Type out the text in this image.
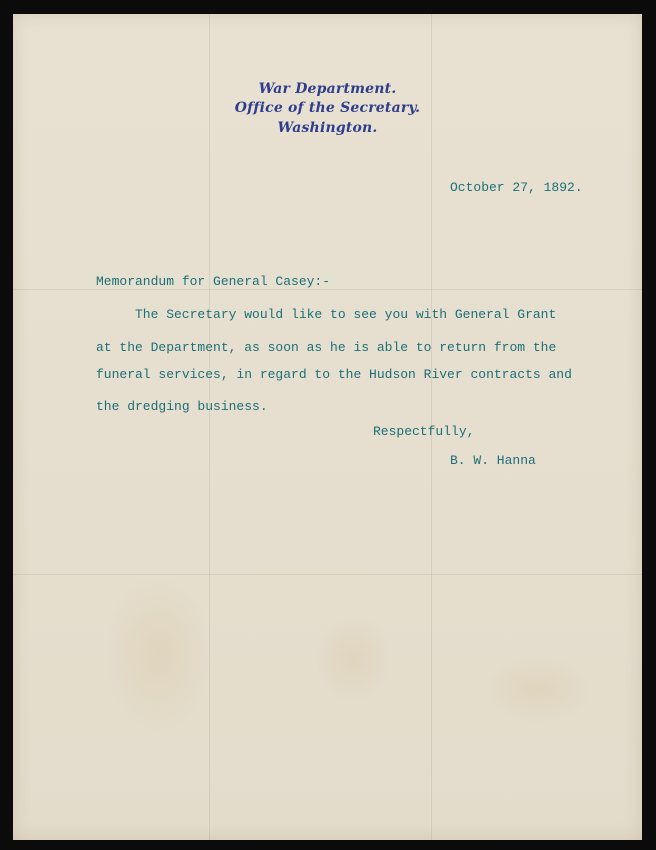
War Department.
Office of the Secretary.
Washington.
October 27, 1892.
Memorandum for General Casey:-
The Secretary would like to see you with General Grant
at the Department, as soon as he is able to return from the
funeral services, in regard to the Hudson River contracts and
the dredging business.
Respectfully,
B. W. Hanna
